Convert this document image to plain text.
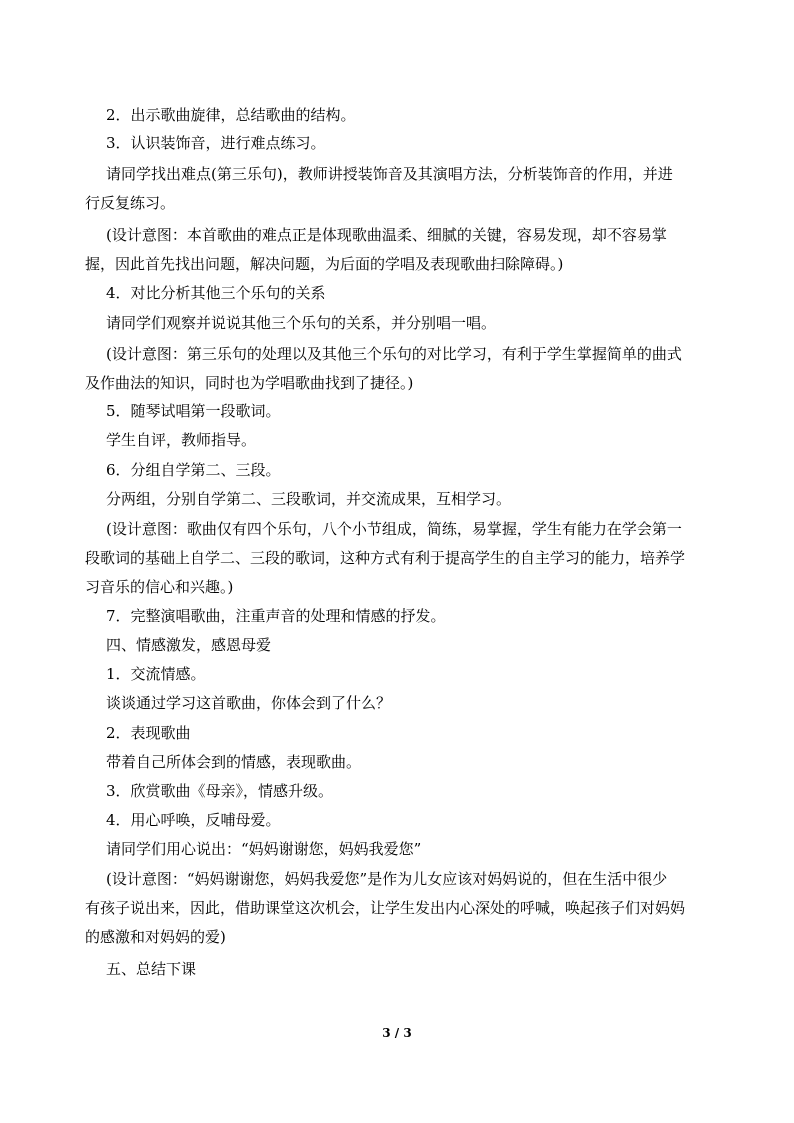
2．出示歌曲旋律，总结歌曲的结构。
3．认识装饰音，进行难点练习。
请同学找出难点(第三乐句)，教师讲授装饰音及其演唱方法，分析装饰音的作用，并进
行反复练习。
(设计意图：本首歌曲的难点正是体现歌曲温柔、细腻的关键，容易发现，却不容易掌
握，因此首先找出问题，解决问题，为后面的学唱及表现歌曲扫除障碍。)
4．对比分析其他三个乐句的关系
请同学们观察并说说其他三个乐句的关系，并分别唱一唱。
(设计意图：第三乐句的处理以及其他三个乐句的对比学习，有利于学生掌握简单的曲式
及作曲法的知识，同时也为学唱歌曲找到了捷径。)
5．随琴试唱第一段歌词。
学生自评，教师指导。
6．分组自学第二、三段。
分两组，分别自学第二、三段歌词，并交流成果，互相学习。
(设计意图：歌曲仅有四个乐句，八个小节组成，简练，易掌握，学生有能力在学会第一
段歌词的基础上自学二、三段的歌词，这种方式有利于提高学生的自主学习的能力，培养学
习音乐的信心和兴趣。)
7．完整演唱歌曲，注重声音的处理和情感的抒发。
四、情感激发，感恩母爱
1．交流情感。
谈谈通过学习这首歌曲，你体会到了什么？
2．表现歌曲
带着自己所体会到的情感，表现歌曲。
3．欣赏歌曲《母亲》，情感升级。
4．用心呼唤，反哺母爱。
请同学们用心说出：“妈妈谢谢您，妈妈我爱您”
(设计意图：“妈妈谢谢您，妈妈我爱您”是作为儿女应该对妈妈说的，但在生活中很少
有孩子说出来，因此，借助课堂这次机会，让学生发出内心深处的呼喊，唤起孩子们对妈妈
的感激和对妈妈的爱)
五、总结下课
3 / 3
